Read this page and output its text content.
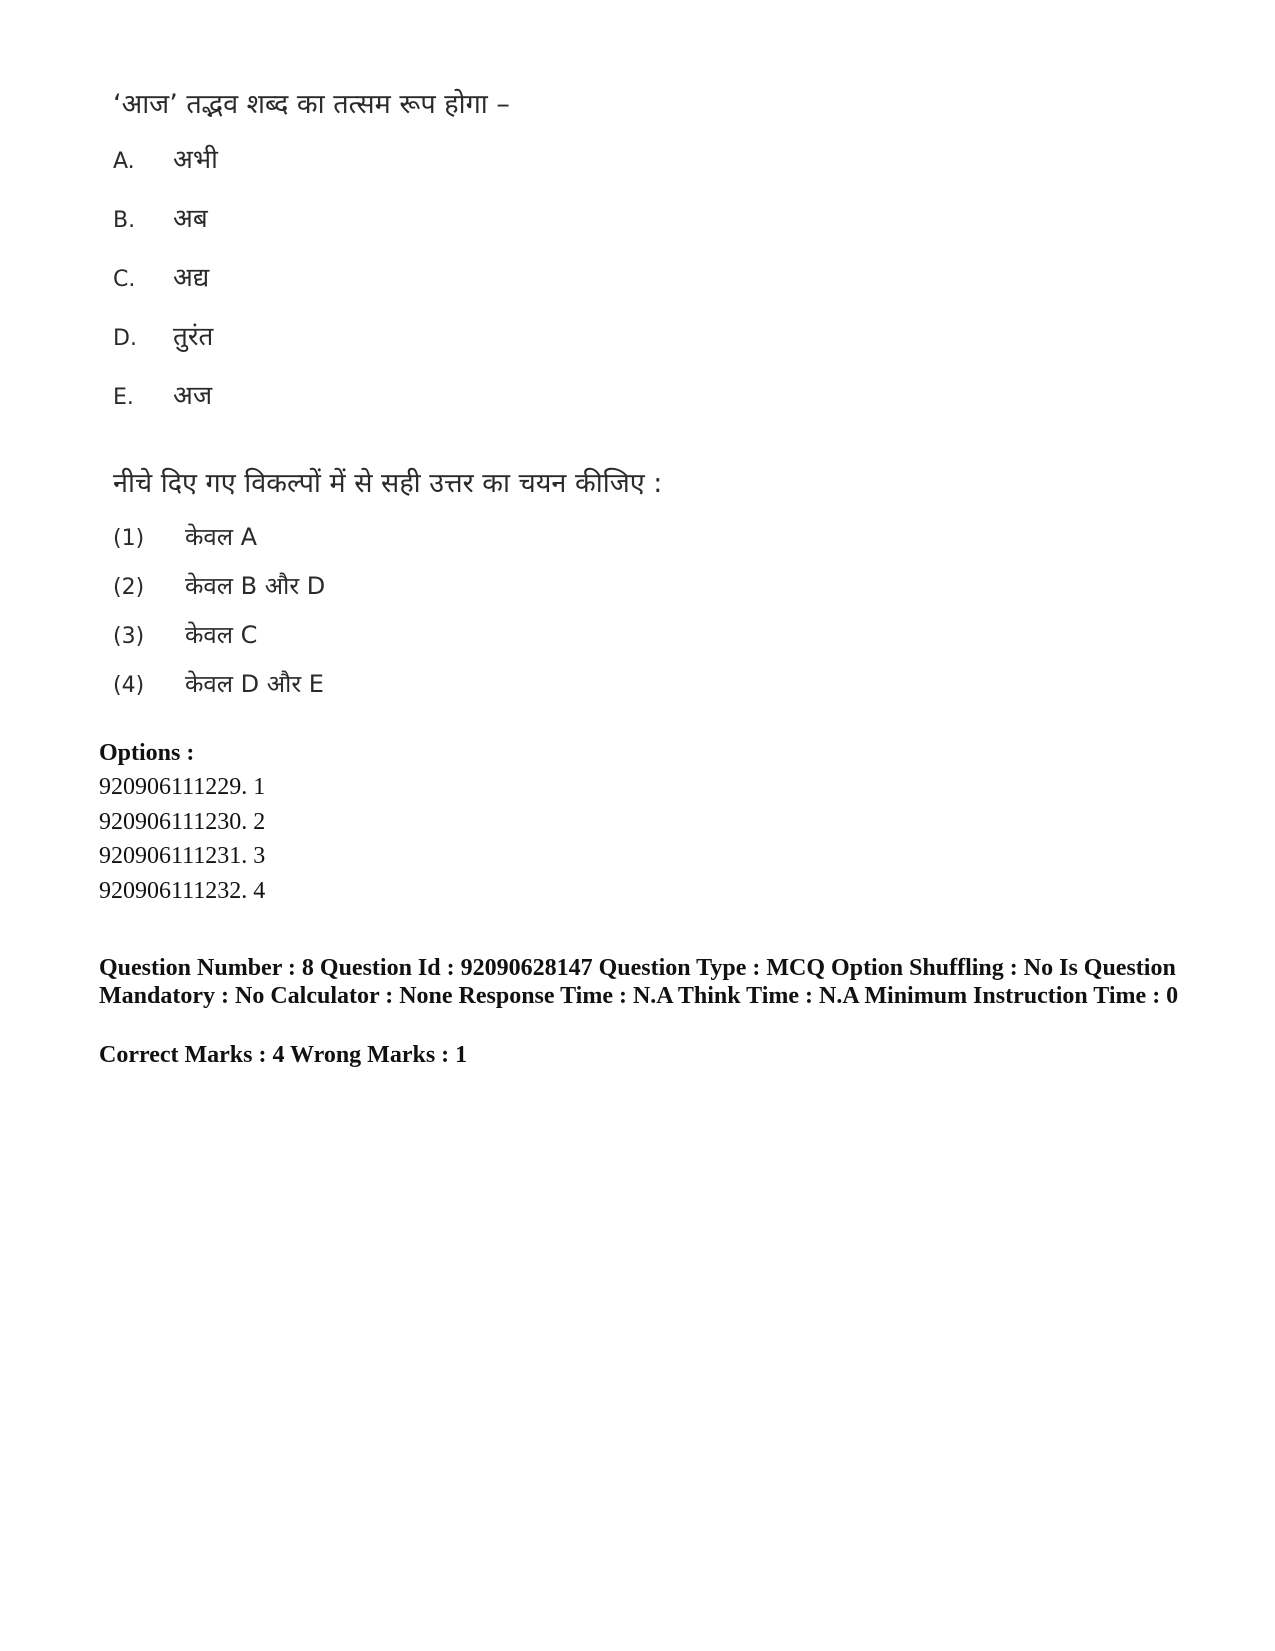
‘आज’ तद्भव शब्द का तत्सम रूप होगा –
A.	अभी
B.	अब
C.	अद्य
D.	तुरंत
E.	अज
नीचे दिए गए विकल्पों में से सही उत्तर का चयन कीजिए :
(1)	केवल A
(2)	केवल B और D
(3)	केवल C
(4)	केवल D और E
Options :
920906111229. 1
920906111230. 2
920906111231. 3
920906111232. 4
Question Number : 8 Question Id : 92090628147 Question Type : MCQ Option Shuffling : No Is Question Mandatory : No Calculator : None Response Time : N.A Think Time : N.A Minimum Instruction Time : 0
Correct Marks : 4 Wrong Marks : 1
